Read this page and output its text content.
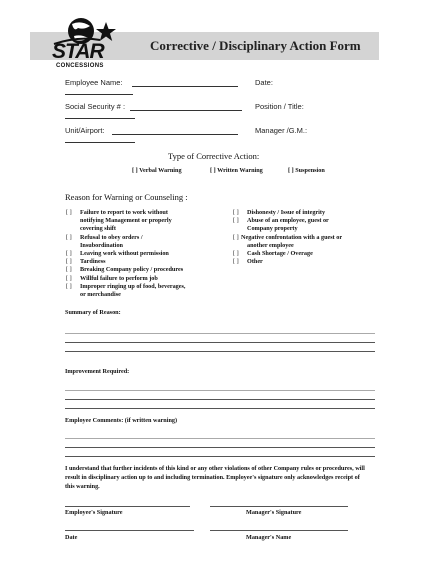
STAR
CONCESSIONS
Corrective / Disciplinary Action Form
Employee Name:	Date:
Social Security # :	Position / Title:
Unit/Airport:	Manager /G.M.:
Type of Corrective Action:
[ ] Verbal Warning	[ ] Written Warning	[ ] Suspension
Reason for Warning or Counseling :
[ ] Failure to report to work without
notifying Management or properly
covering shift
[ ] Refusal to obey orders /
Insubordination
[ ] Leaving work without permission
[ ] Tardiness
[ ] Breaking Company policy / procedures
[ ] Willful failure to perform job
[ ] Improper ringing up of food, beverages,
or merchandise
[ ] Dishonesty / Issue of integrity
[ ] Abuse of an employee, guest or
Company property
[ ] Negative confrontation with a guest or
another employee
[ ] Cash Shortage / Overage
[ ] Other
Summary of Reason:
Improvement Required:
Employee Comments: (if written warning)
I understand that further incidents of this kind or any other violations of other Company rules or procedures, will result in disciplinary action up to and including termination. Employee's signature only acknowledges receipt of this warning.
Employee's Signature	Manager's Signature
Date	Manager's Name
